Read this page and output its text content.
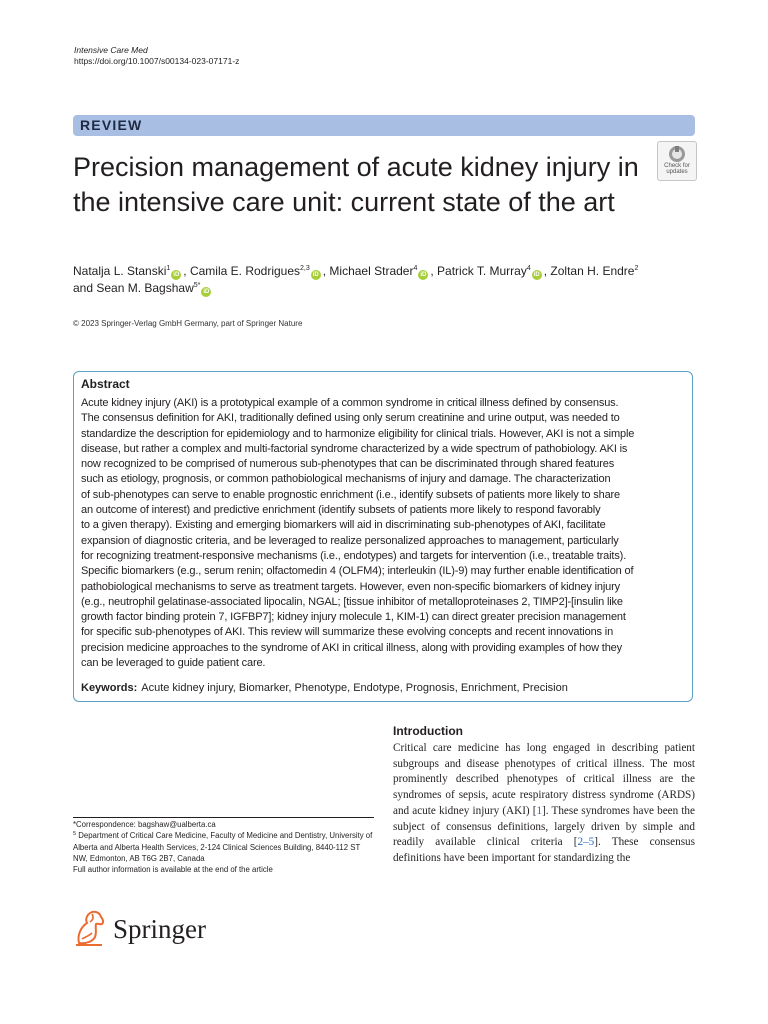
Intensive Care Med
https://doi.org/10.1007/s00134-023-07171-z
REVIEW
Precision management of acute kidney injury in the intensive care unit: current state of the art
Check for
updates
Natalja L. Stanski$^1$iD , Camila E. Rodrigues$^{2,3}$iD , Michael Strader$^4$iD , Patrick T. Murray$^4$iD , Zoltan H. Endre$^2$
and Sean M. Bagshaw$^{5*}$iD
© 2023 Springer-Verlag GmbH Germany, part of Springer Nature
Abstract
Acute kidney injury (AKI) is a prototypical example of a common syndrome in critical illness defined by consensus.
The consensus definition for AKI, traditionally defined using only serum creatinine and urine output, was needed to
standardize the description for epidemiology and to harmonize eligibility for clinical trials. However, AKI is not a simple
disease, but rather a complex and multi-factorial syndrome characterized by a wide spectrum of pathobiology. AKI is
now recognized to be comprised of numerous sub-phenotypes that can be discriminated through shared features
such as etiology, prognosis, or common pathobiological mechanisms of injury and damage. The characterization
of sub-phenotypes can serve to enable prognostic enrichment (i.e., identify subsets of patients more likely to share
an outcome of interest) and predictive enrichment (identify subsets of patients more likely to respond favorably
to a given therapy). Existing and emerging biomarkers will aid in discriminating sub-phenotypes of AKI, facilitate
expansion of diagnostic criteria, and be leveraged to realize personalized approaches to management, particularly
for recognizing treatment-responsive mechanisms (i.e., endotypes) and targets for intervention (i.e., treatable traits).
Specific biomarkers (e.g., serum renin; olfactomedin 4 (OLFM4); interleukin (IL)-9) may further enable identification of
pathobiological mechanisms to serve as treatment targets. However, even non-specific biomarkers of kidney injury
(e.g., neutrophil gelatinase-associated lipocalin, NGAL; [tissue inhibitor of metalloproteinases 2, TIMP2]-[insulin like
growth factor binding protein 7, IGFBP7]; kidney injury molecule 1, KIM-1) can direct greater precision management
for specific sub-phenotypes of AKI. This review will summarize these evolving concepts and recent innovations in
precision medicine approaches to the syndrome of AKI in critical illness, along with providing examples of how they
can be leveraged to guide patient care.
Keywords: Acute kidney injury, Biomarker, Phenotype, Endotype, Prognosis, Enrichment, Precision
Introduction
Critical care medicine has long engaged in describing patient subgroups and disease phenotypes of critical illness. The most prominently described phenotypes of critical illness are the syndromes of sepsis, acute respiratory distress syndrome (ARDS) and acute kidney injury (AKI) [1]. These syndromes have been the subject of consensus definitions, largely driven by simple and readily available clinical criteria [2–5]. These consensus definitions have been important for standardizing the
*Correspondence: bagshaw@ualberta.ca
$^5$ Department of Critical Care Medicine, Faculty of Medicine and Dentistry, University of Alberta and Alberta Health Services, 2-124 Clinical Sciences Building, 8440-112 ST NW, Edmonton, AB T6G 2B7, Canada
Full author information is available at the end of the article
Springer
